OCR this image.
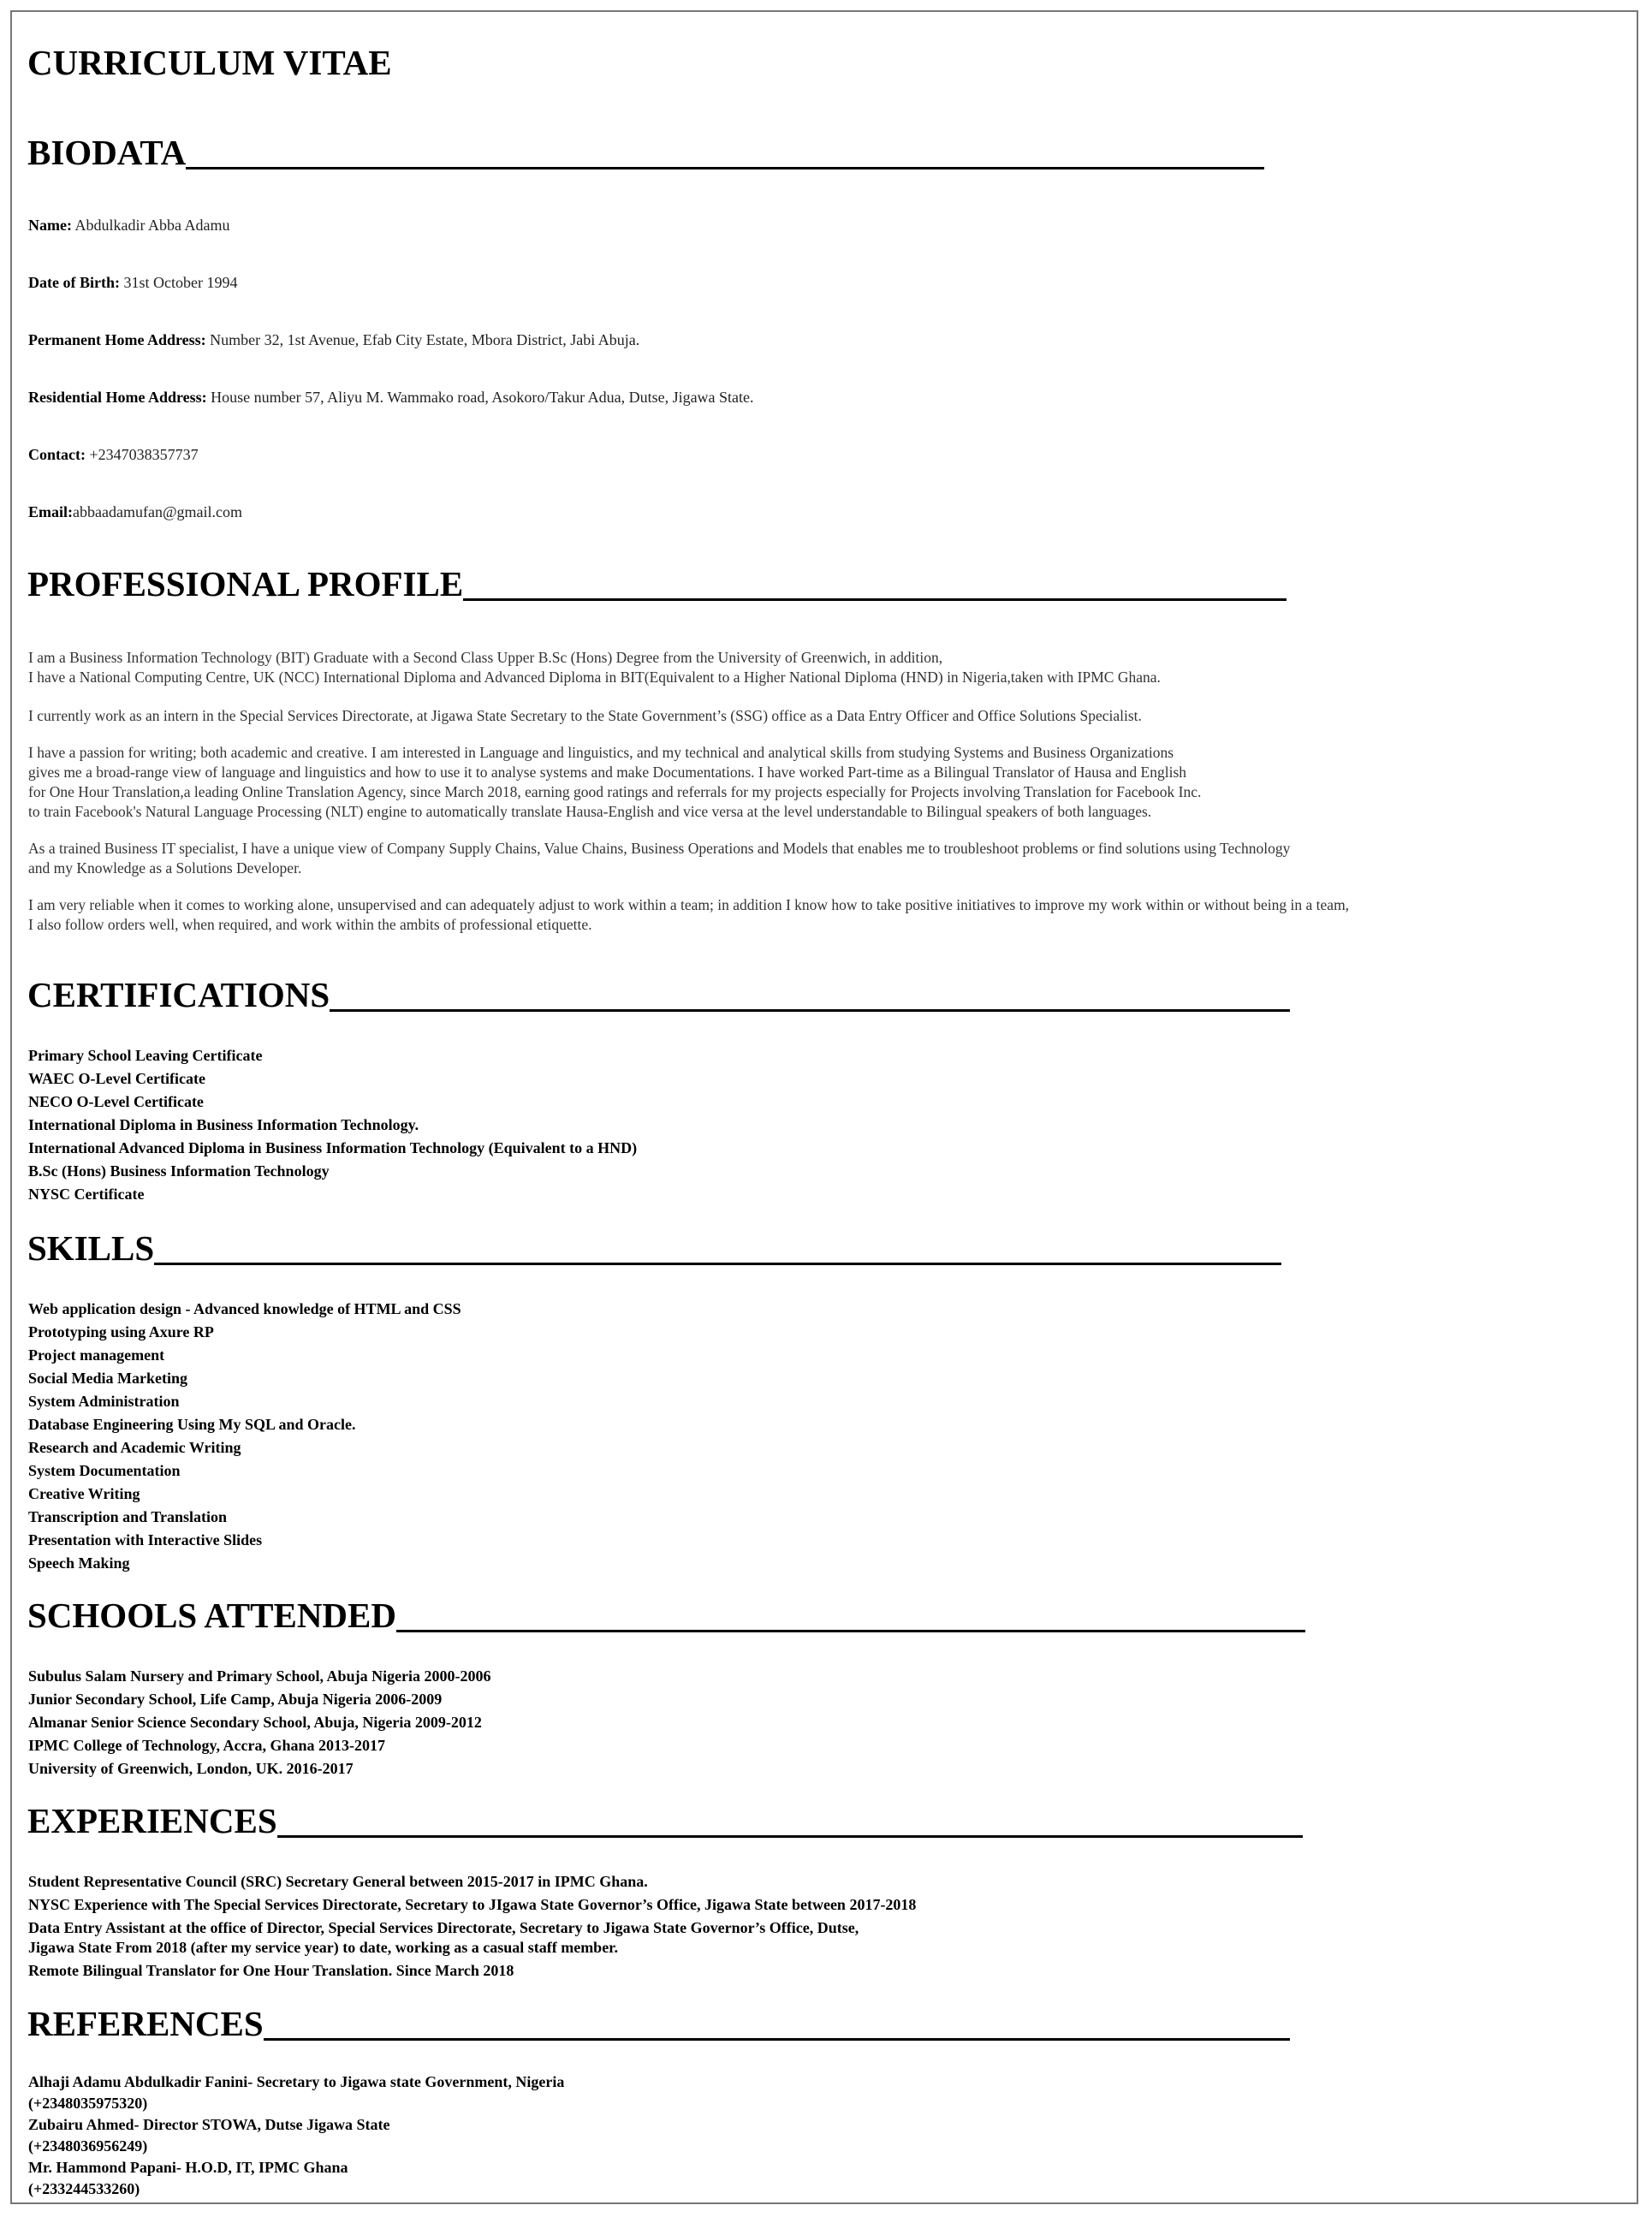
CURRICULUM VITAE
BIODATA
Name: Abdulkadir Abba Adamu
Date of Birth: 31st October 1994
Permanent Home Address: Number 32, 1st Avenue, Efab City Estate, Mbora District, Jabi Abuja.
Residential Home Address: House number 57, Aliyu M. Wammako road, Asokoro/Takur Adua, Dutse, Jigawa State.
Contact: +2347038357737
Email:abbaadamufan@gmail.com
PROFESSIONAL PROFILE
I am a Business Information Technology (BIT) Graduate with a Second Class Upper B.Sc (Hons) Degree from the University of Greenwich, in addition,
I have a National Computing Centre, UK (NCC) International Diploma and Advanced Diploma in BIT(Equivalent to a Higher National Diploma (HND) in Nigeria,taken with IPMC Ghana.
I currently work as an intern in the Special Services Directorate, at Jigawa State Secretary to the State Government’s (SSG) office as a Data Entry Officer and Office Solutions Specialist.
I have a passion for writing; both academic and creative. I am interested in Language and linguistics, and my technical and analytical skills from studying Systems and Business Organizations
gives me a broad-range view of language and linguistics and how to use it to analyse systems and make Documentations. I have worked Part-time as a Bilingual Translator of Hausa and English
for One Hour Translation,a leading Online Translation Agency, since March 2018, earning good ratings and referrals for my projects especially for Projects involving Translation for Facebook Inc.
to train Facebook's Natural Language Processing (NLT) engine to automatically translate Hausa-English and vice versa at the level understandable to Bilingual speakers of both languages.
As a trained Business IT specialist, I have a unique view of Company Supply Chains, Value Chains, Business Operations and Models that enables me to troubleshoot problems or find solutions using Technology
and my Knowledge as a Solutions Developer.
I am very reliable when it comes to working alone, unsupervised and can adequately adjust to work within a team; in addition I know how to take positive initiatives to improve my work within or without being in a team,
I also follow orders well, when required, and work within the ambits of professional etiquette.
CERTIFICATIONS
Primary School Leaving Certificate
WAEC O-Level Certificate
NECO O-Level Certificate
International Diploma in Business Information Technology.
International Advanced Diploma in Business Information Technology (Equivalent to a HND)
B.Sc (Hons) Business Information Technology
NYSC Certificate
SKILLS
Web application design - Advanced knowledge of HTML and CSS
Prototyping using Axure RP
Project management
Social Media Marketing
System Administration
Database Engineering Using My SQL and Oracle.
Research and Academic Writing
System Documentation
Creative Writing
Transcription and Translation
Presentation with Interactive Slides
Speech Making
SCHOOLS ATTENDED
Subulus Salam Nursery and Primary School, Abuja Nigeria 2000-2006
Junior Secondary School, Life Camp, Abuja Nigeria 2006-2009
Almanar Senior Science Secondary School, Abuja, Nigeria 2009-2012
IPMC College of Technology, Accra, Ghana 2013-2017
University of Greenwich, London, UK. 2016-2017
EXPERIENCES
Student Representative Council (SRC) Secretary General between 2015-2017 in IPMC Ghana.
NYSC Experience with The Special Services Directorate, Secretary to JIgawa State Governor’s Office, Jigawa State between 2017-2018
Data Entry Assistant at the office of Director, Special Services Directorate, Secretary to Jigawa State Governor’s Office, Dutse,
Jigawa State From 2018 (after my service year) to date, working as a casual staff member.
Remote Bilingual Translator for One Hour Translation. Since March 2018
REFERENCES
Alhaji Adamu Abdulkadir Fanini- Secretary to Jigawa state Government, Nigeria
(+2348035975320)
Zubairu Ahmed- Director STOWA, Dutse Jigawa State
(+2348036956249)
Mr. Hammond Papani- H.O.D, IT, IPMC Ghana
(+233244533260)
